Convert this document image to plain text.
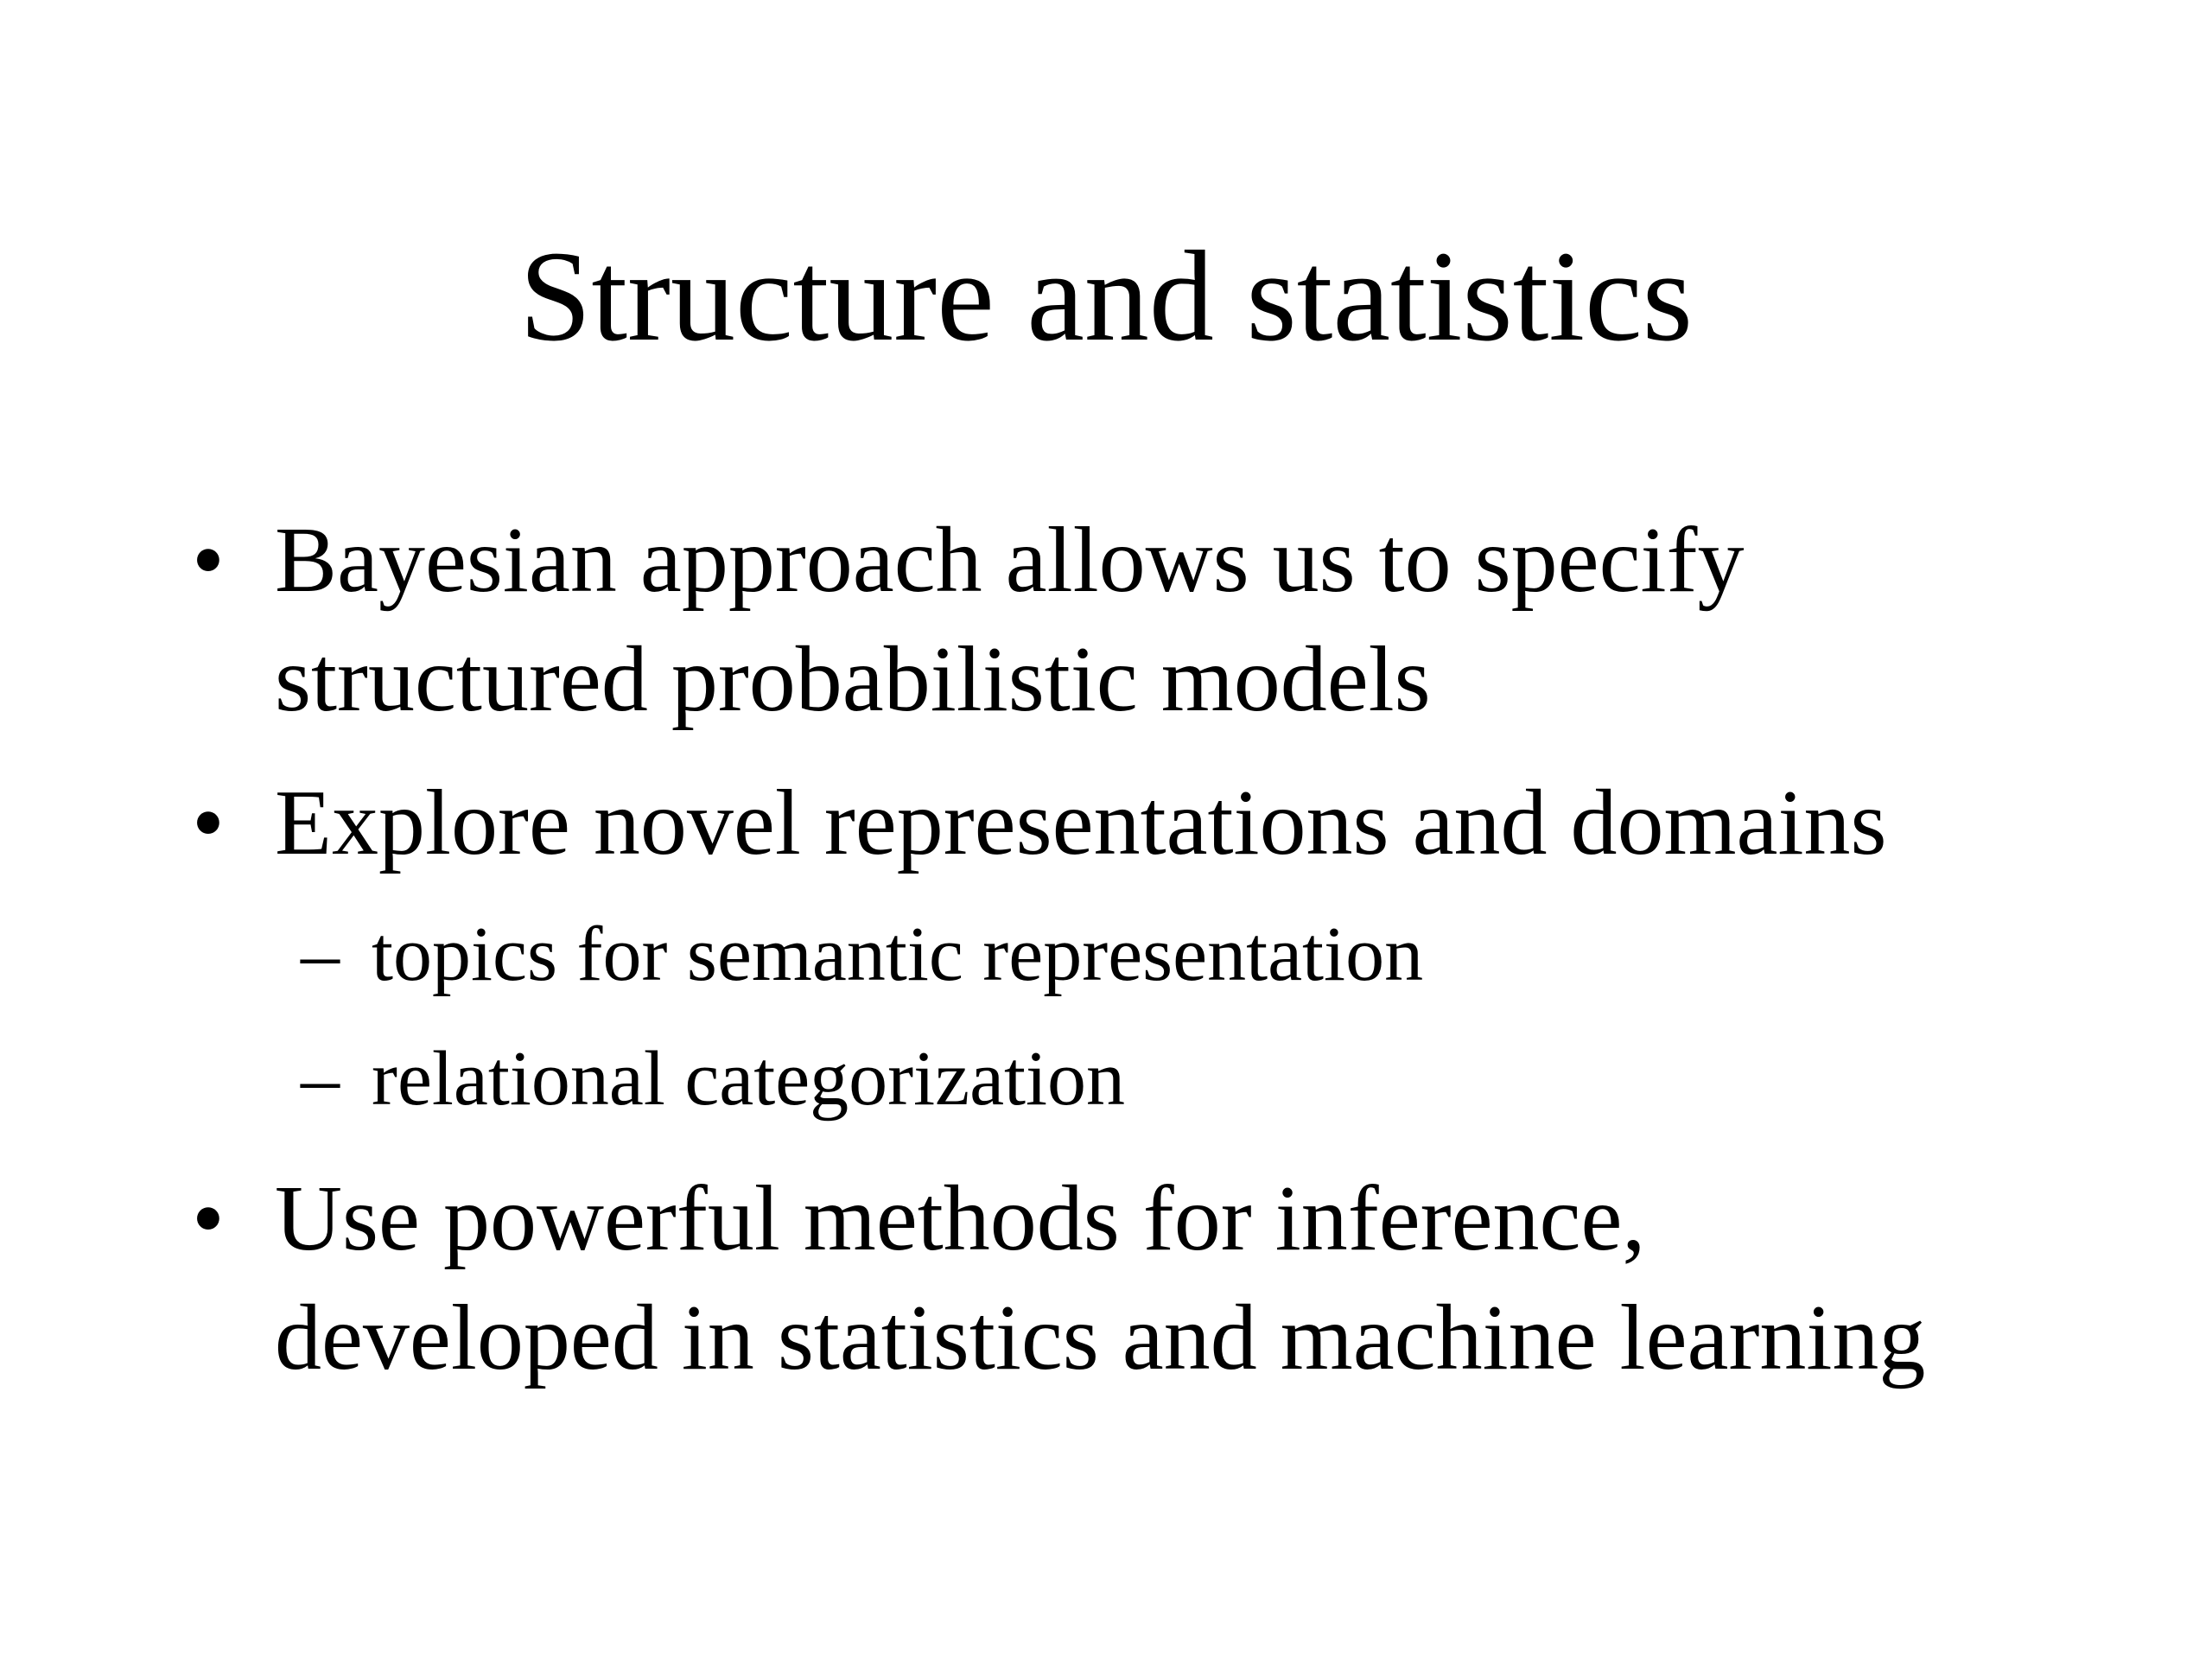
Structure and statistics
• Bayesian approach allows us to specify
structured probabilistic models
• Explore novel representations and domains
– topics for semantic representation
– relational categorization
• Use powerful methods for inference,
developed in statistics and machine learning
